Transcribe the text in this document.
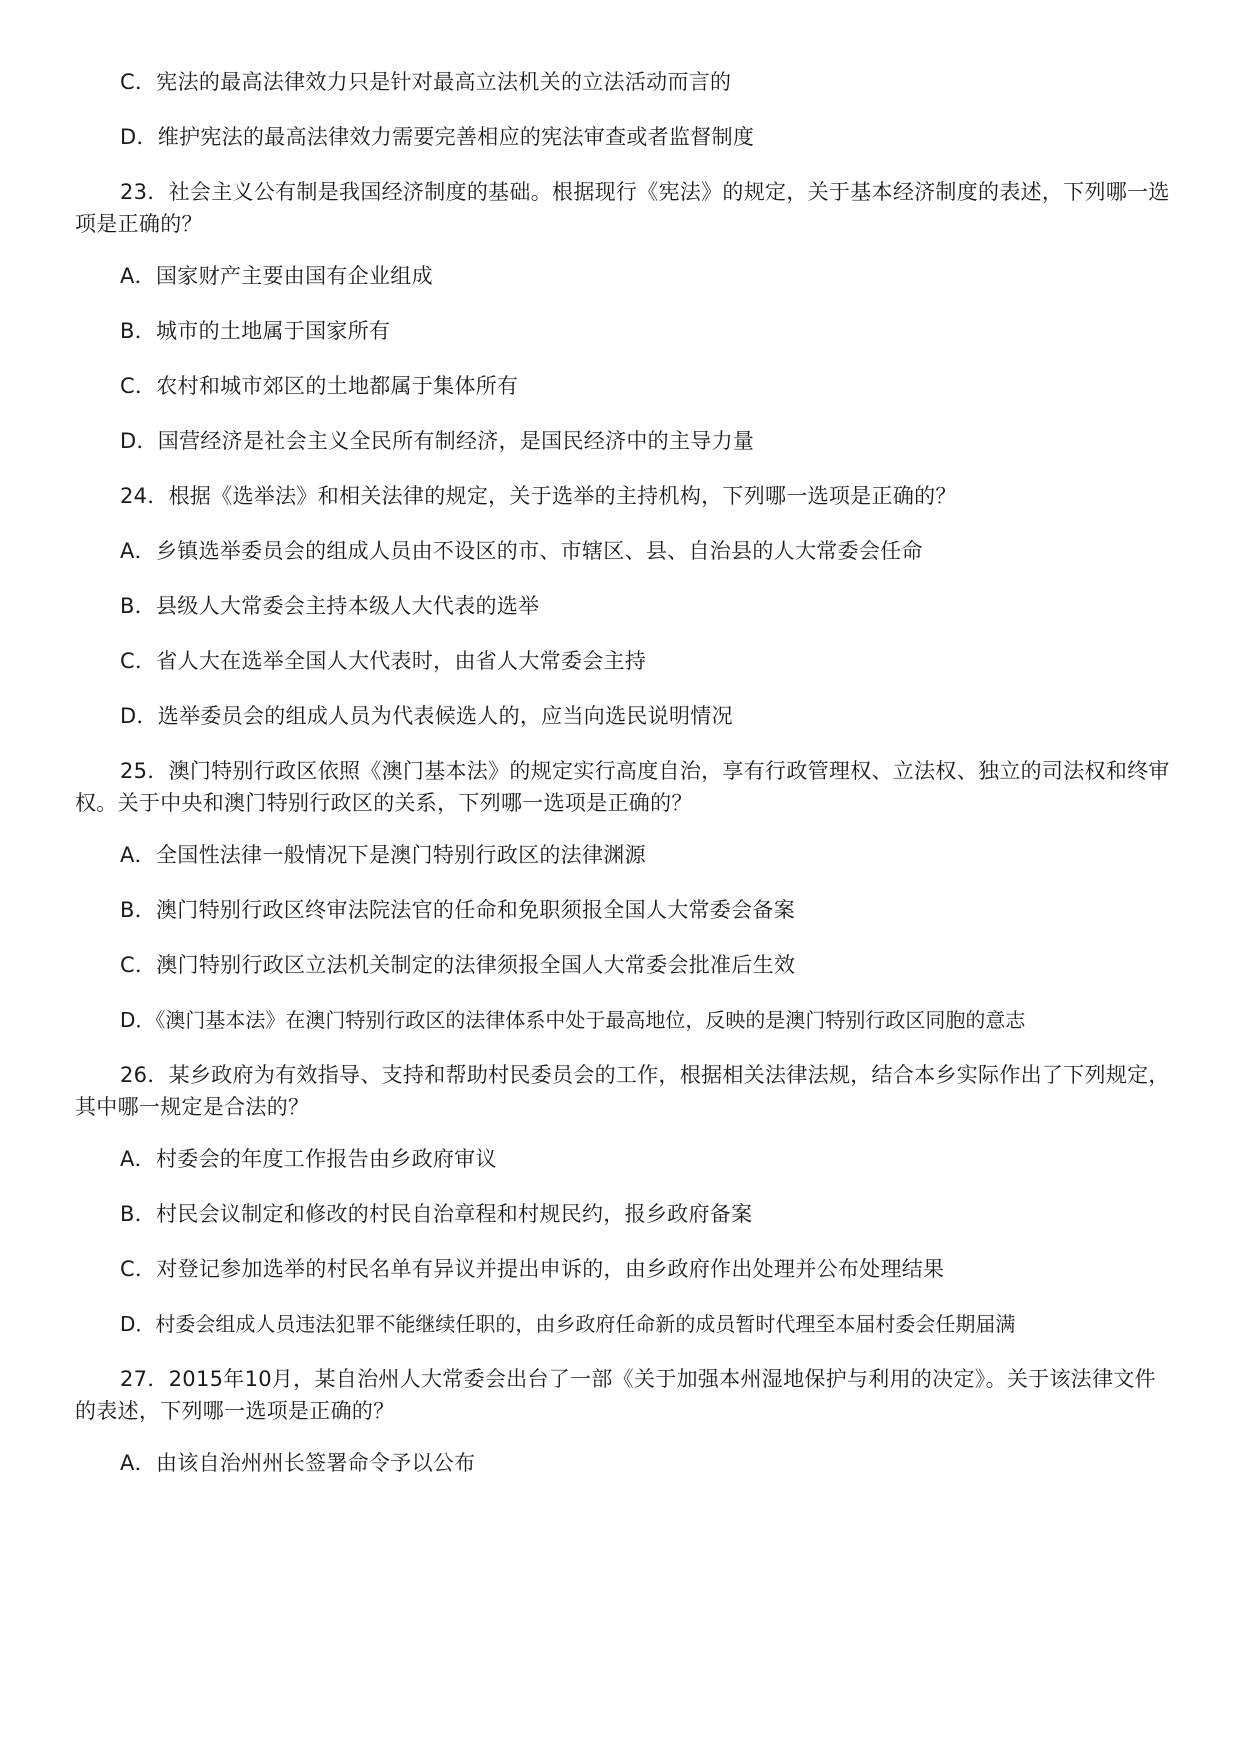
C．宪法的最高法律效力只是针对最高立法机关的立法活动而言的
D．维护宪法的最高法律效力需要完善相应的宪法审查或者监督制度
23．社会主义公有制是我国经济制度的基础。根据现行《宪法》的规定，关于基本经济制度的表述，下列哪一选项是正确的？
A．国家财产主要由国有企业组成
B．城市的土地属于国家所有
C．农村和城市郊区的土地都属于集体所有
D．国营经济是社会主义全民所有制经济，是国民经济中的主导力量
24．根据《选举法》和相关法律的规定，关于选举的主持机构，下列哪一选项是正确的？
A．乡镇选举委员会的组成人员由不设区的市、市辖区、县、自治县的人大常委会任命
B．县级人大常委会主持本级人大代表的选举
C．省人大在选举全国人大代表时，由省人大常委会主持
D．选举委员会的组成人员为代表候选人的，应当向选民说明情况
25．澳门特别行政区依照《澳门基本法》的规定实行高度自治，享有行政管理权、立法权、独立的司法权和终审权。关于中央和澳门特别行政区的关系，下列哪一选项是正确的？
A．全国性法律一般情况下是澳门特别行政区的法律渊源
B．澳门特别行政区终审法院法官的任命和免职须报全国人大常委会备案
C．澳门特别行政区立法机关制定的法律须报全国人大常委会批准后生效
D．《澳门基本法》在澳门特别行政区的法律体系中处于最高地位，反映的是澳门特别行政区同胞的意志
26．某乡政府为有效指导、支持和帮助村民委员会的工作，根据相关法律法规，结合本乡实际作出了下列规定，其中哪一规定是合法的？
A．村委会的年度工作报告由乡政府审议
B．村民会议制定和修改的村民自治章程和村规民约，报乡政府备案
C．对登记参加选举的村民名单有异议并提出申诉的，由乡政府作出处理并公布处理结果
D．村委会组成人员违法犯罪不能继续任职的，由乡政府任命新的成员暂时代理至本届村委会任期届满
27．2015年10月，某自治州人大常委会出台了一部《关于加强本州湿地保护与利用的决定》。关于该法律文件的表述，下列哪一选项是正确的？
A．由该自治州州长签署命令予以公布
